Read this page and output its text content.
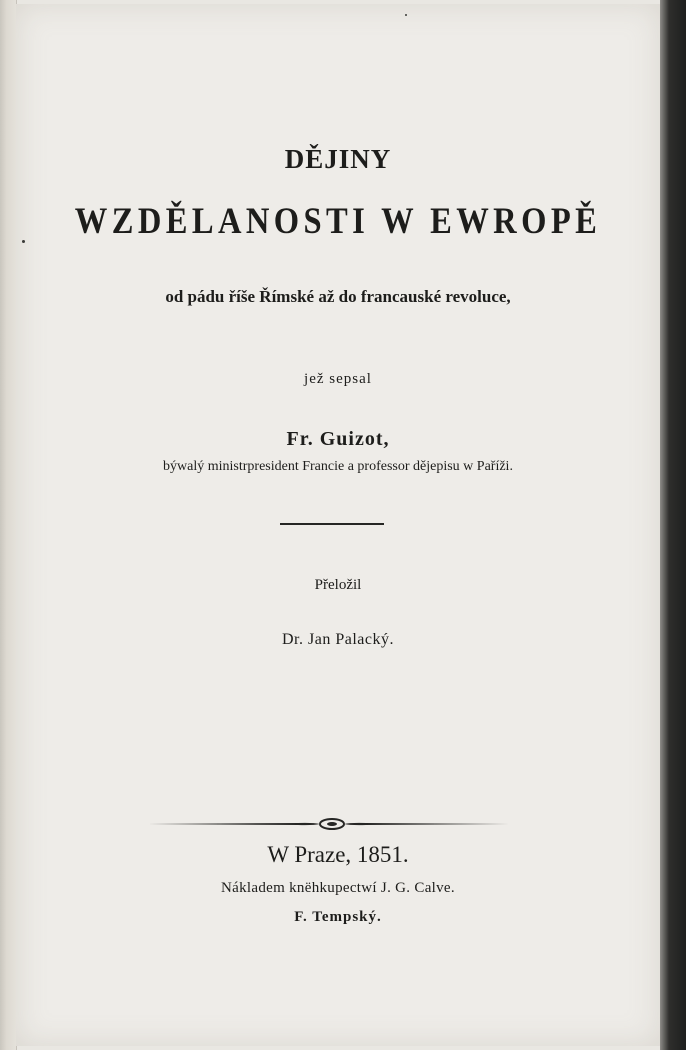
DĚJINY
WZDĚLANOSTI W EWROPĚ
od pádu říše Římské až do francauské revoluce,
jež sepsal
Fr. Guizot,
býwalý ministrpresident Francie a professor dějepisu w Paříži.
Přeložil
Dr. Jan Palacký.
W Praze, 1851.
Nákladem knëhkupectwí J. G. Calve.
F. Tempský.
